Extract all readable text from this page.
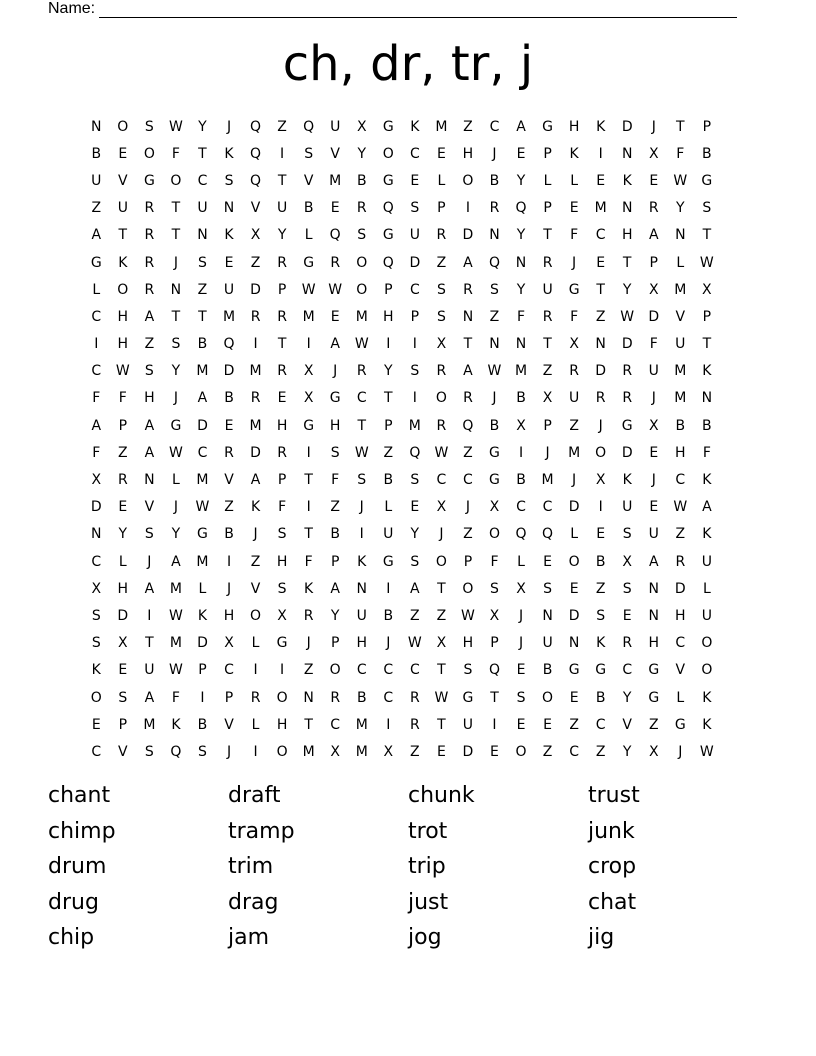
Name:
ch, dr, tr, j
N	O	S	W	Y	J	Q	Z	Q	U	X	G	K	M	Z	C	A	G	H	K	D	J	T	P
B	E	O	F	T	K	Q	I	S	V	Y	O	C	E	H	J	E	P	K	I	N	X	F	B
U	V	G	O	C	S	Q	T	V	M	B	G	E	L	O	B	Y	L	L	E	K	E	W	G
Z	U	R	T	U	N	V	U	B	E	R	Q	S	P	I	R	Q	P	E	M	N	R	Y	S
A	T	R	T	N	K	X	Y	L	Q	S	G	U	R	D	N	Y	T	F	C	H	A	N	T
G	K	R	J	S	E	Z	R	G	R	O	Q	D	Z	A	Q	N	R	J	E	T	P	L	W
L	O	R	N	Z	U	D	P	W W	O	P	C	S	R	S	Y	U	G	T	Y	X	M	X
C	H	A	T	T	M	R	R	M	E	M	H	P	S	N	Z	F	R	F	Z	W	D	V	P
I	H	Z	S	B	Q	I	T	I	A	W	I	I	X	T	N	N	T	X	N	D	F	U	T
C	W	S	Y	M	D	M	R	X	J	R	Y	S	R	A	W M	Z	R	D	R	U	M	K
F	F	H	J	A	B	R	E	X	G	C	T	I	O	R	J	B	X	U	R	R	J	M	N
A	P	A	G	D	E	M	H	G	H	T	P	M	R	Q	B	X	P	Z	J	G	X	B	B
F	Z	A	W	C	R	D	R	I	S	W	Z	Q	W	Z	G	I	J	M	O	D	E	H	F
X	R	N	L	M	V	A	P	T	F	S	B	S	C	C	G	B	M	J	X	K	J	C	K
D	E	V	J	W	Z	K	F	I	Z	J	L	E	X	J	X	C	C	D	I	U	E	W	A
N	Y	S	Y	G	B	J	S	T	B	I	U	Y	J	Z	O	Q	Q	L	E	S	U	Z	K
C	L	J	A	M	I	Z	H	F	P	K	G	S	O	P	F	L	E	O	B	X	A	R	U
X	H	A	M	L	J	V	S	K	A	N	I	A	T	O	S	X	S	E	Z	S	N	D	L
S	D	I	W	K	H	O	X	R	Y	U	B	Z	Z	W	X	J	N	D	S	E	N	H	U
S	X	T	M	D	X	L	G	J	P	H	J	W	X	H	P	J	U	N	K	R	H	C	O
K	E	U	W	P	C	I	I	Z	O	C	C	C	T	S	Q	E	B	G	G	C	G	V	O
O	S	A	F	I	P	R	O	N	R	B	C	R	W	G	T	S	O	E	B	Y	G	L	K
E	P	M	K	B	V	L	H	T	C	M	I	R	T	U	I	E	E	Z	C	V	Z	G	K
C	V	S	Q	S	J	I	O	M	X	M	X	Z	E	D	E	O	Z	C	Z	Y	X	J	W
chant	draft	chunk	trust
chimp	tramp	trot	junk
drum	trim	trip	crop
drug	drag	just	chat
chip	jam	jog	jig
